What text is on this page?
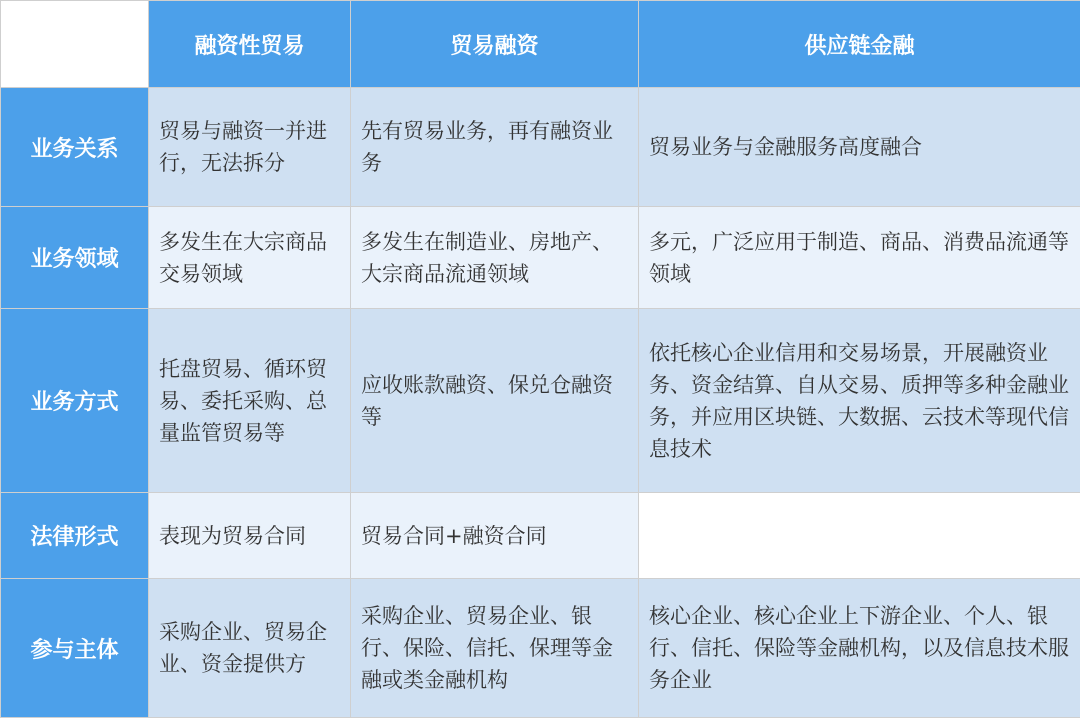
	融资性贸易	贸易融资	供应链金融
业务关系	贸易与融资一并进行，无法拆分	先有贸易业务，再有融资业务	贸易业务与金融服务高度融合
业务领域	多发生在大宗商品交易领域	多发生在制造业、房地产、大宗商品流通领域	多元，广泛应用于制造、商品、消费品流通等领域
业务方式	托盘贸易、循环贸易、委托采购、总量监管贸易等	应收账款融资、保兑仓融资等	依托核心企业信用和交易场景，开展融资业务、资金结算、自从交易、质押等多种金融业务，并应用区块链、大数据、云技术等现代信息技术
法律形式	表现为贸易合同	贸易合同+融资合同	
参与主体	采购企业、贸易企业、资金提供方	采购企业、贸易企业、银行、保险、信托、保理等金融或类金融机构	核心企业、核心企业上下游企业、个人、银行、信托、保险等金融机构，以及信息技术服务企业
